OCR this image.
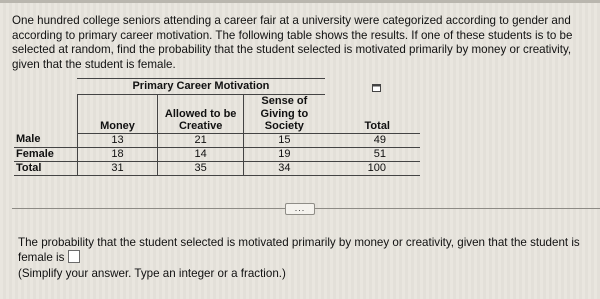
One hundred college seniors attending a career fair at a university were categorized according to gender and according to primary career motivation. The following table shows the results. If one of these students is to be selected at random, find the probability that the student selected is motivated primarily by money or creativity, given that the student is female.
	Primary Career Motivation			
	Money	Allowed to be Creative	Sense of Giving to Society	Total
Male	13	21	15	49
Female	18	14	19	51
Total	31	35	34	100
...
The probability that the student selected is motivated primarily by money or creativity, given that the student is female is
(Simplify your answer. Type an integer or a fraction.)
